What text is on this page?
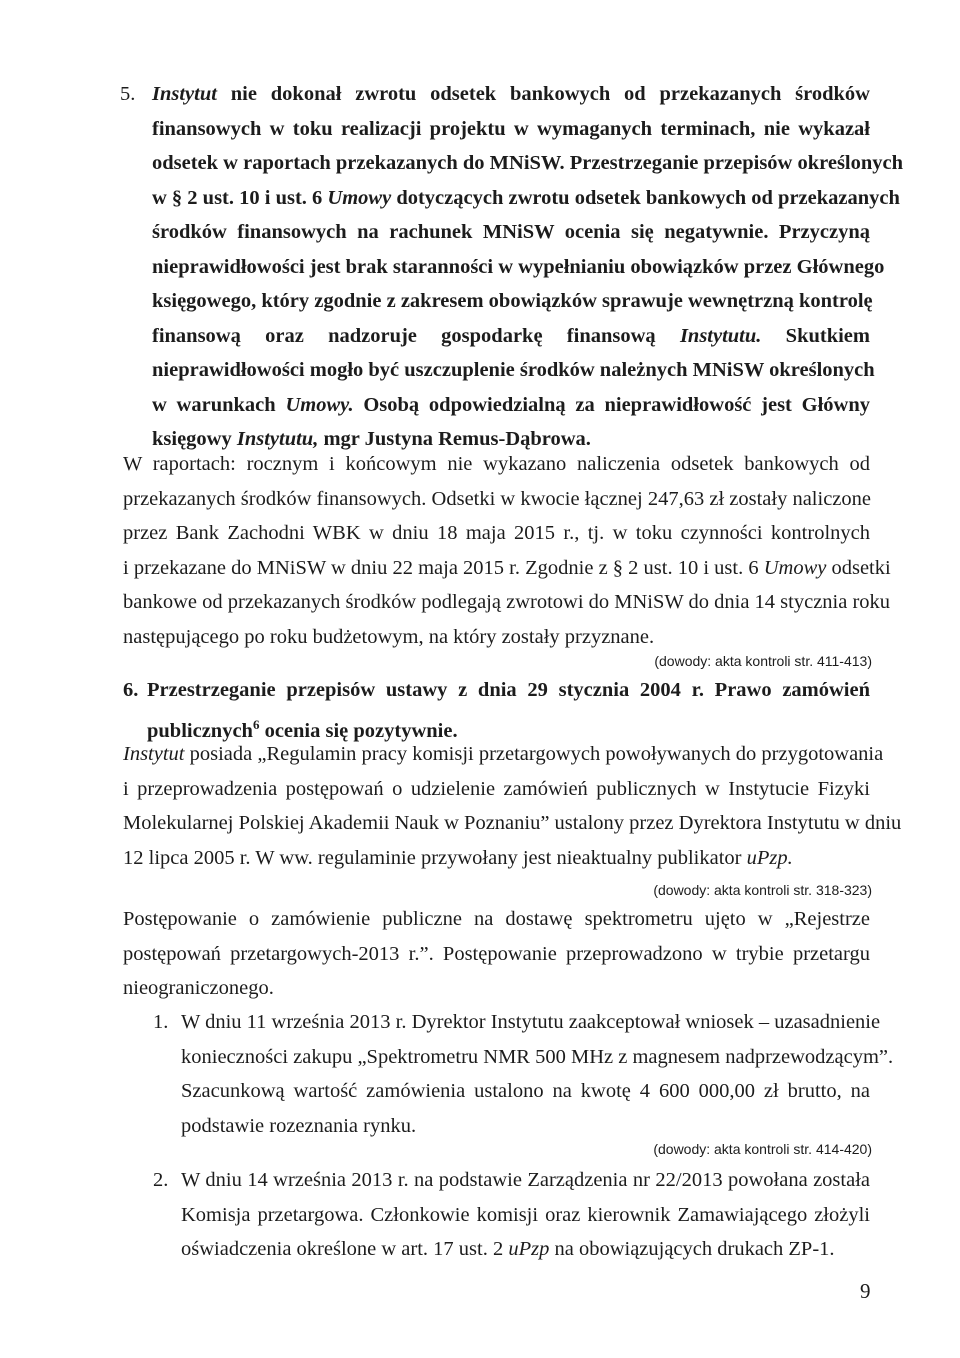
5. Instytut nie dokonał zwrotu odsetek bankowych od przekazanych środków
finansowych w toku realizacji projektu w wymaganych terminach, nie wykazał
odsetek w raportach przekazanych do MNiSW. Przestrzeganie przepisów określonych
w § 2 ust. 10 i ust. 6 Umowy dotyczących zwrotu odsetek bankowych od przekazanych
środków finansowych na rachunek MNiSW ocenia się negatywnie. Przyczyną
nieprawidłowości jest brak staranności w wypełnianiu obowiązków przez Głównego
księgowego, który zgodnie z zakresem obowiązków sprawuje wewnętrzną kontrolę
finansową oraz nadzoruje gospodarkę finansową Instytutu. Skutkiem
nieprawidłowości mogło być uszczuplenie środków należnych MNiSW określonych
w warunkach Umowy. Osobą odpowiedzialną za nieprawidłowość jest Główny
księgowy Instytutu, mgr Justyna Remus-Dąbrowa.
W raportach: rocznym i końcowym nie wykazano naliczenia odsetek bankowych od
przekazanych środków finansowych. Odsetki w kwocie łącznej 247,63 zł zostały naliczone
przez Bank Zachodni WBK w dniu 18 maja 2015 r., tj. w toku czynności kontrolnych
i przekazane do MNiSW w dniu 22 maja 2015 r. Zgodnie z § 2 ust. 10 i ust. 6 Umowy odsetki
bankowe od przekazanych środków podlegają zwrotowi do MNiSW do dnia 14 stycznia roku
następującego po roku budżetowym, na który zostały przyznane.
(dowody: akta kontroli str. 411-413)
6. Przestrzeganie przepisów ustawy z dnia 29 stycznia 2004 r. Prawo zamówień
publicznych$^6$ ocenia się pozytywnie.
Instytut posiada „Regulamin pracy komisji przetargowych powoływanych do przygotowania
i przeprowadzenia postępowań o udzielenie zamówień publicznych w Instytucie Fizyki
Molekularnej Polskiej Akademii Nauk w Poznaniu” ustalony przez Dyrektora Instytutu w dniu
12 lipca 2005 r. W ww. regulaminie przywołany jest nieaktualny publikator uPzp.
(dowody: akta kontroli str. 318-323)
Postępowanie o zamówienie publiczne na dostawę spektrometru ujęto w „Rejestrze
postępowań przetargowych-2013 r.”. Postępowanie przeprowadzono w trybie przetargu
nieograniczonego.
1. W dniu 11 września 2013 r. Dyrektor Instytutu zaakceptował wniosek – uzasadnienie
konieczności zakupu „Spektrometru NMR 500 MHz z magnesem nadprzewodzącym”.
Szacunkową wartość zamówienia ustalono na kwotę 4 600 000,00 zł brutto, na
podstawie rozeznania rynku.
(dowody: akta kontroli str. 414-420)
2. W dniu 14 września 2013 r. na podstawie Zarządzenia nr 22/2013 powołana została
Komisja przetargowa. Członkowie komisji oraz kierownik Zamawiającego złożyli
oświadczenia określone w art. 17 ust. 2 uPzp na obowiązujących drukach ZP-1.
9
